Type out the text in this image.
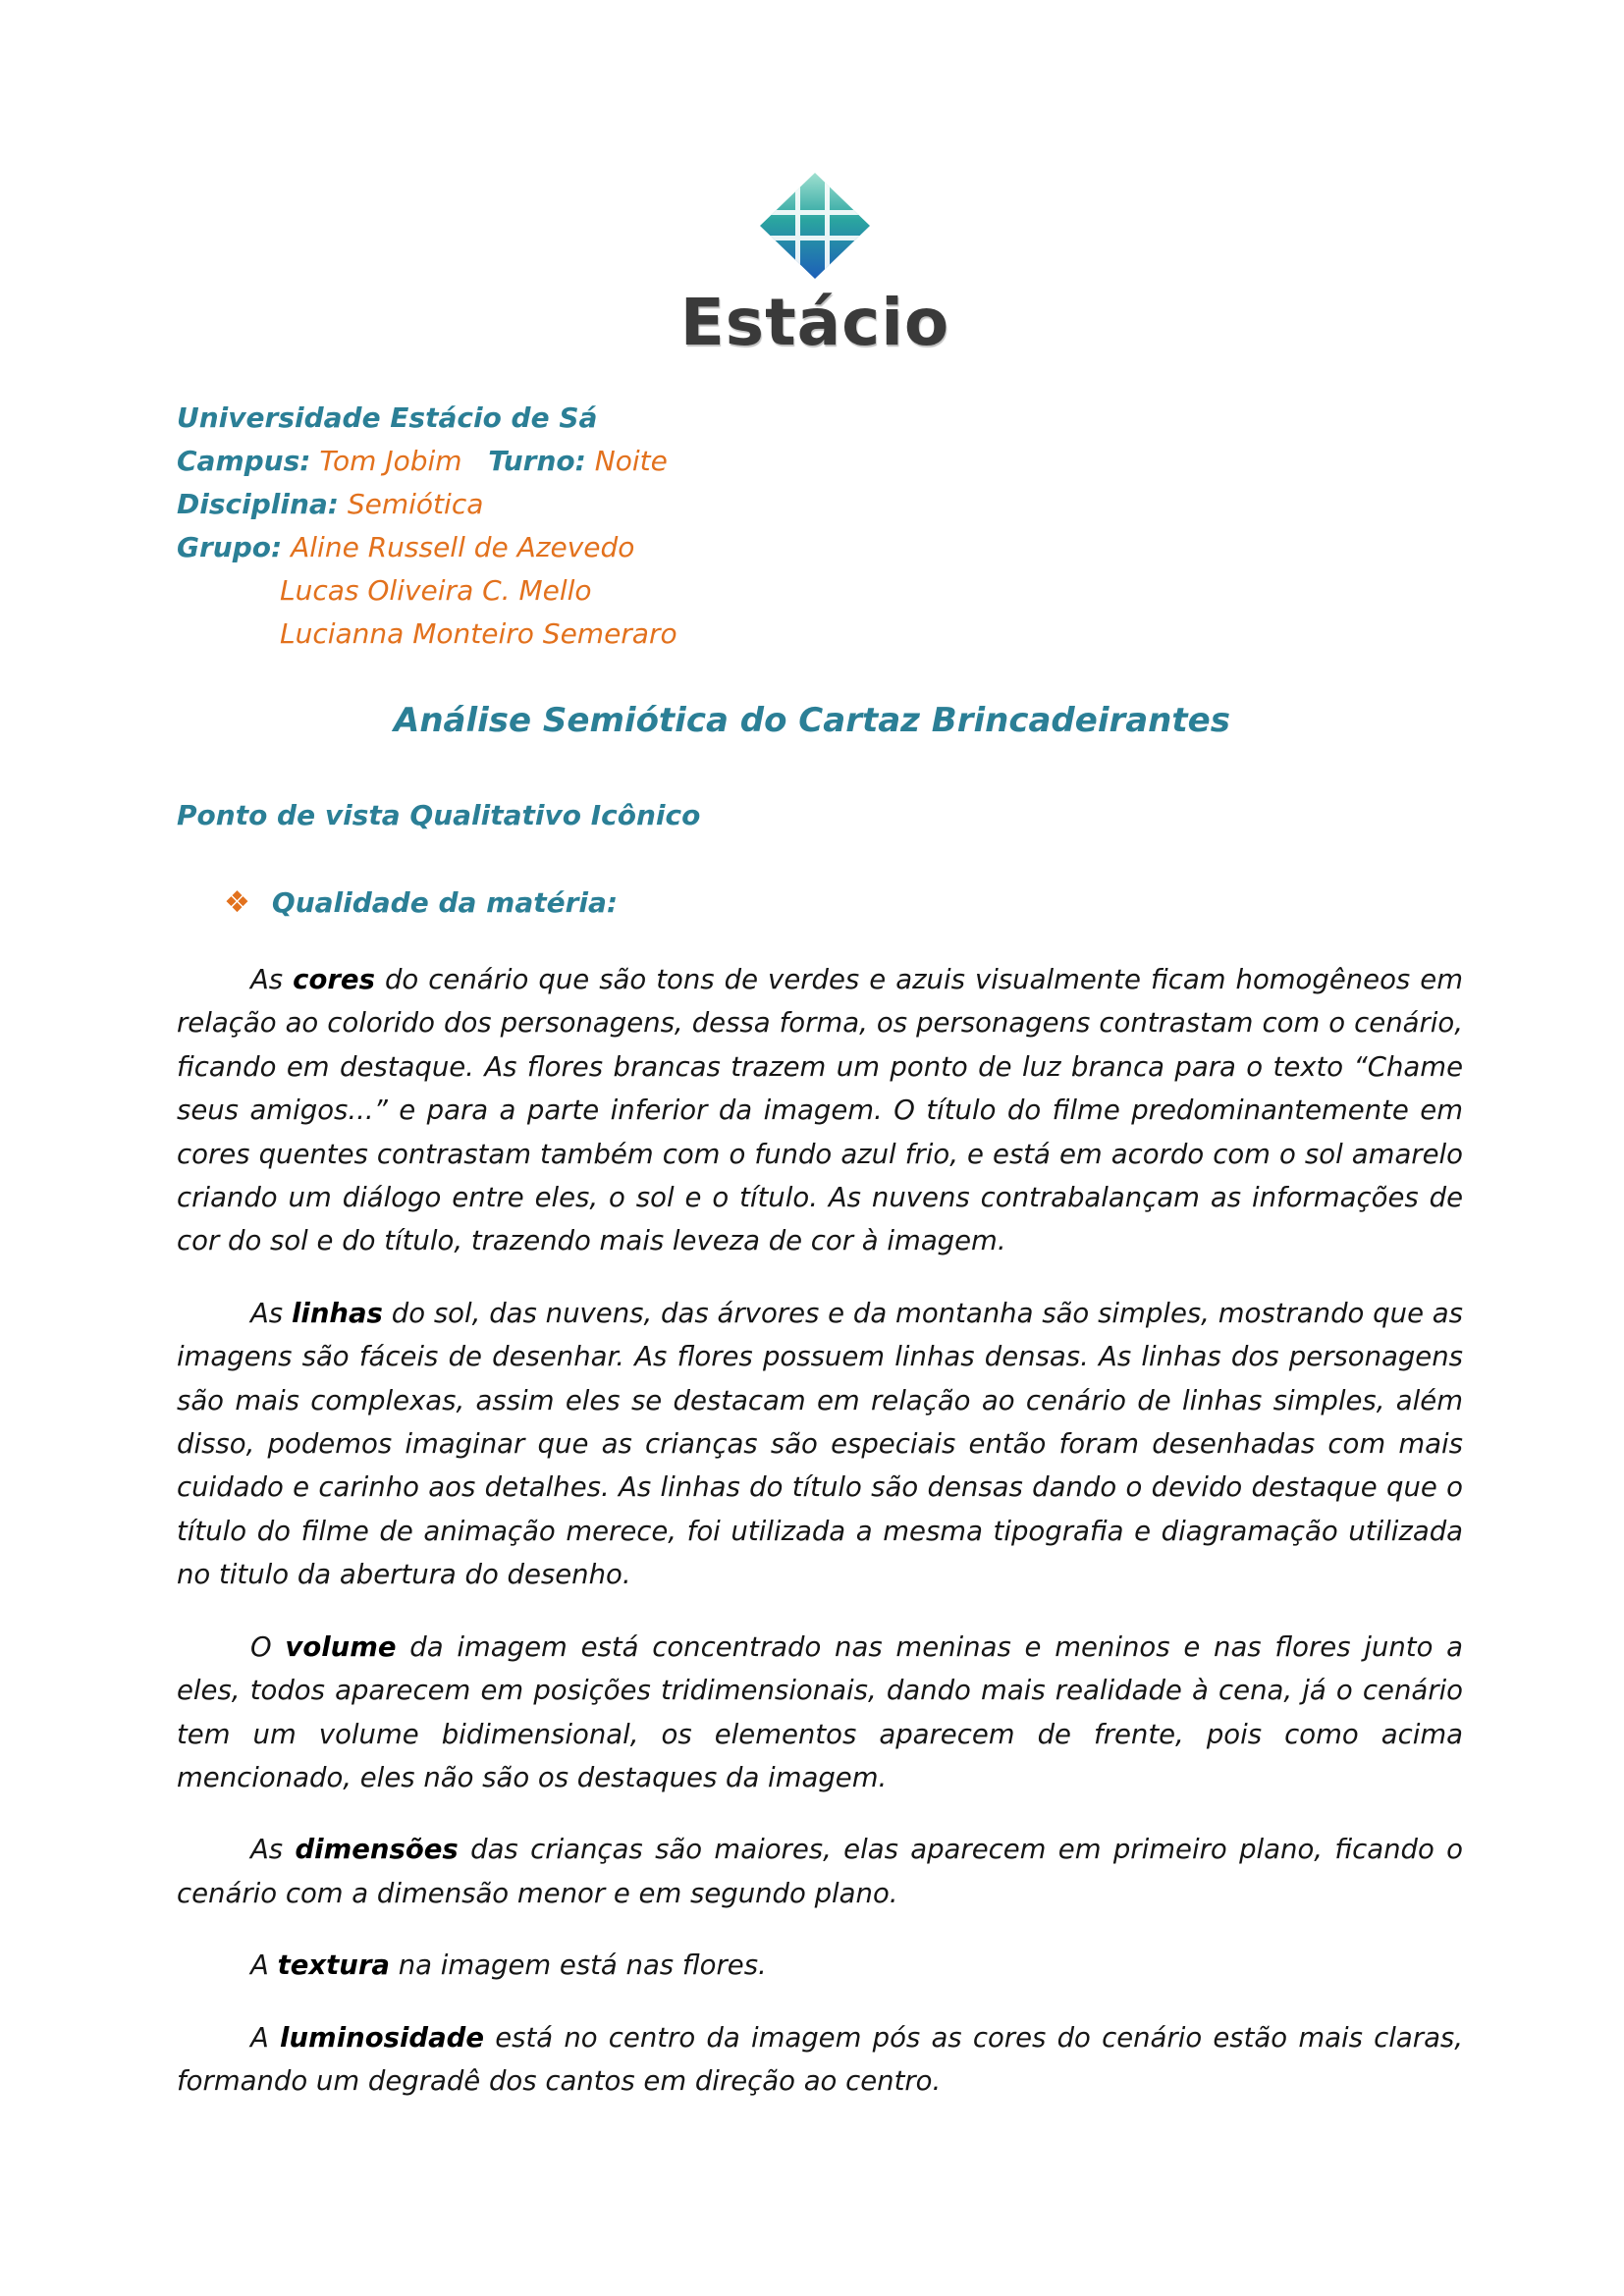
Estácio
Universidade Estácio de Sá
Campus: Tom Jobim Turno: Noite
Disciplina: Semiótica
Grupo: Aline Russell de Azevedo
Lucas Oliveira C. Mello
Lucianna Monteiro Semeraro
Análise Semiótica do Cartaz Brincadeirantes
Ponto de vista Qualitativo Icônico
❖ Qualidade da matéria:

As cores do cenário que são tons de verdes e azuis visualmente ficam homogêneos em relação ao colorido dos personagens, dessa forma, os personagens contrastam com o cenário, ficando em destaque. As flores brancas trazem um ponto de luz branca para o texto “Chame seus amigos...” e para a parte inferior da imagem. O título do filme predominantemente em cores quentes contrastam também com o fundo azul frio, e está em acordo com o sol amarelo criando um diálogo entre eles, o sol e o título. As nuvens contrabalançam as informações de cor do sol e do título, trazendo mais leveza de cor à imagem.

As linhas do sol, das nuvens, das árvores e da montanha são simples, mostrando que as imagens são fáceis de desenhar. As flores possuem linhas densas. As linhas dos personagens são mais complexas, assim eles se destacam em relação ao cenário de linhas simples, além disso, podemos imaginar que as crianças são especiais então foram desenhadas com mais cuidado e carinho aos detalhes. As linhas do título são densas dando o devido destaque que o título do filme de animação merece, foi utilizada a mesma tipografia e diagramação utilizada no titulo da abertura do desenho.

O volume da imagem está concentrado nas meninas e meninos e nas flores junto a eles, todos aparecem em posições tridimensionais, dando mais realidade à cena, já o cenário tem um volume bidimensional, os elementos aparecem de frente, pois como acima mencionado, eles não são os destaques da imagem.

As dimensões das crianças são maiores, elas aparecem em primeiro plano, ficando o cenário com a dimensão menor e em segundo plano.

A textura na imagem está nas flores.

A luminosidade está no centro da imagem pós as cores do cenário estão mais claras, formando um degradê dos cantos em direção ao centro.
